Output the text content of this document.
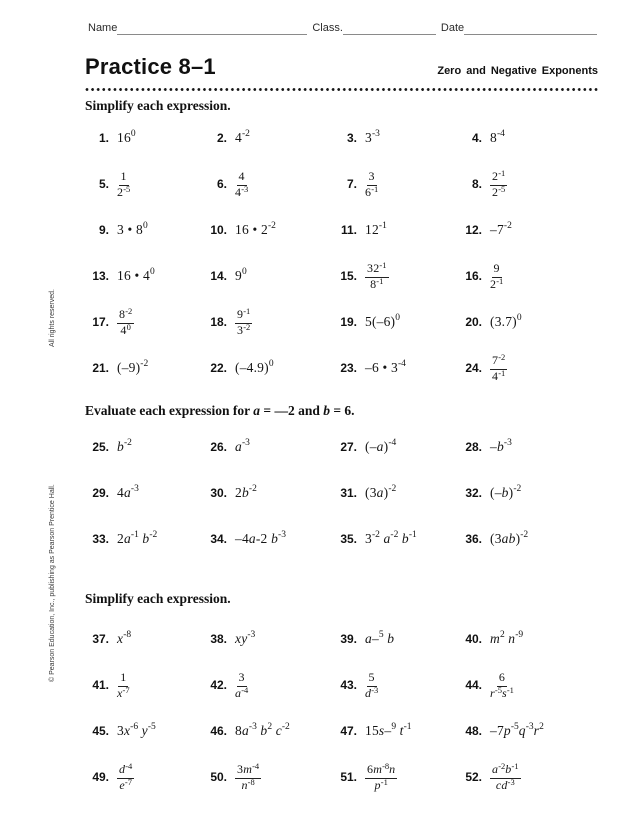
Name	Class.	Date
Practice 8–1	Zero and Negative Exponents
All rights reserved.
© Pearson Education, Inc., publishing as Pearson Prentice Hall.
Simplify each expression.
1. $16^0$	2. $4^{-2}$	3. $3^{-3}$	4. $8^{-4}$
5. $\frac{1}{2^{-5}}$	6. $\frac{4}{4^{-3}}$	7. $\frac{3}{6^{-1}}$	8. $\frac{2^{-1}}{2^{-5}}$
9. 3 • $8^0$	10. 16 • $2^{-2}$	11. $12^{-1}$	12. $-7^{-2}$
13. 16 • $4^0$	14. $9^0$	15. $\frac{32^{-1}}{8^{-1}}$	16. $\frac{9}{2^{-1}}$
17. $\frac{8^{-2}}{4^0}$	18. $\frac{9^{-1}}{3^{-2}}$	19. $5(-6)^0$	20. $(3.7)^0$
21. $(-9)^{-2}$	22. $(-4.9)^0$	23. –6 • $3^{-4}$	24. $\frac{7^{-2}}{4^{-1}}$
Evaluate each expression for a = —2 and b = 6.
25. $b^{-2}$	26. $a^{-3}$	27. $(-a)^{-4}$	28. $-b^{-3}$
29. $4a^{-3}$	30. $2b^{-2}$	31. $(3a)^{-2}$	32. $(-b)^{-2}$
33. $2a^{-1}$ $b^{-2}$	34. –4a-2 $b^{-3}$	35. $3^{-2}$ $a^{-2}$ $b^{-1}$	36. $(3ab)^{-2}$
Simplify each expression.
37. $x^{-8}$	38. $xy^{-3}$	39. a–$^5$ b	40. $m^2$ $n^{-9}$
41. $\frac{1}{x^{-7}}$	42. $\frac{3}{a^{-4}}$	43. $\frac{5}{d^{-3}}$	44. $\frac{6}{r^{-5}s^{-1}}$
45. $3x^{-6}$ $y^{-5}$	46. $8a^{-3}$ $b^2$ $c^{-2}$	47. 15s–$^9$ $t^{-1}$	48. $-7p^{-5}q^{-3}r^2$
49. $\frac{d^{-4}}{e^{-7}}$	50. $\frac{3m^{-4}}{n^{-8}}$	51. $\frac{6m^{-8}n}{p^{-1}}$	52. $\frac{a^{-2}b^{-1}}{cd^{-3}}$
